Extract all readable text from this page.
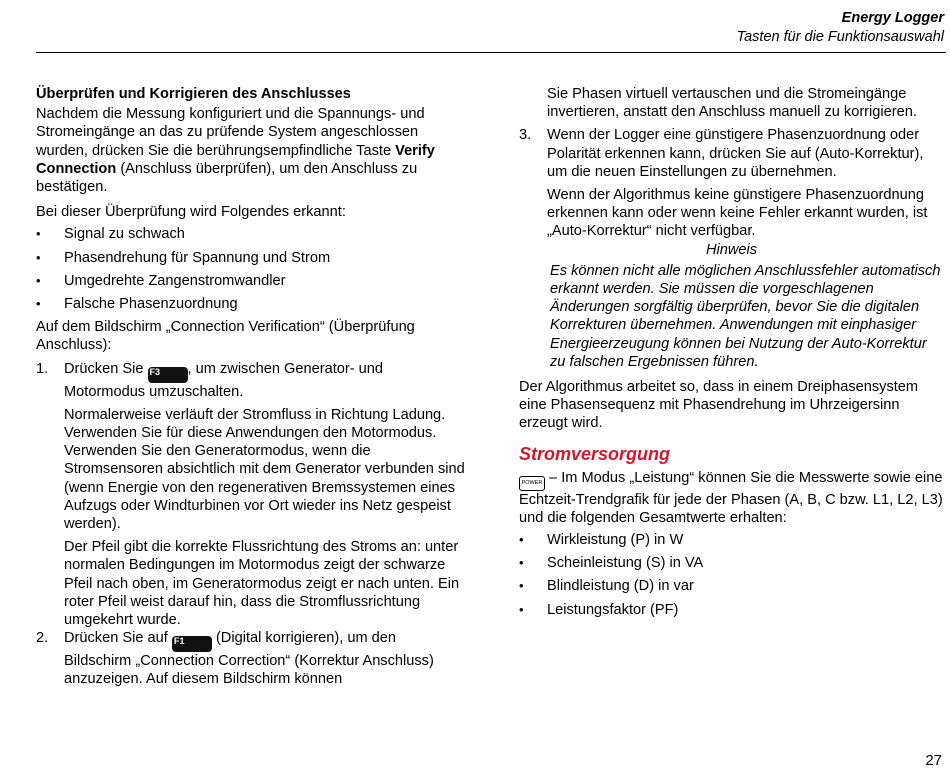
Energy Logger
Tasten für die Funktionsauswahl

Überprüfen und Korrigieren des Anschlusses

Nachdem die Messung konfiguriert und die Spannungs- und Stromeingänge an das zu prüfende System angeschlossen wurden, drücken Sie die berührungsempfindliche Taste Verify Connection (Anschluss überprüfen), um den Anschluss zu bestätigen.

Bei dieser Überprüfung wird Folgendes erkannt:

• Signal zu schwach
• Phasendrehung für Spannung und Strom
• Umgedrehte Zangenstromwandler
• Falsche Phasenzuordnung

Auf dem Bildschirm „Connection Verification“ (Überprüfung Anschluss):

1. Drücken Sie F3 , um zwischen Generator- und Motormodus umzuschalten.

Normalerweise verläuft der Stromfluss in Richtung Ladung. Verwenden Sie für diese Anwendungen den Motormodus. Verwenden Sie den Generatormodus, wenn die Stromsensoren absichtlich mit dem Generator verbunden sind (wenn Energie von den regenerativen Bremssystemen eines Aufzugs oder Windturbinen vor Ort wieder ins Netz gespeist werden).

Der Pfeil gibt die korrekte Flussrichtung des Stroms an: unter normalen Bedingungen im Motormodus zeigt der schwarze Pfeil nach oben, im Generatormodus zeigt er nach unten. Ein roter Pfeil weist darauf hin, dass die Stromflussrichtung umgekehrt wurde.

2. Drücken Sie auf F1 (Digital korrigieren), um den Bildschirm „Connection Correction“ (Korrektur Anschluss) anzuzeigen. Auf diesem Bildschirm können

Sie Phasen virtuell vertauschen und die Stromeingänge invertieren, anstatt den Anschluss manuell zu korrigieren.

3. Wenn der Logger eine günstigere Phasenzuordnung oder Polarität erkennen kann, drücken Sie auf (Auto-Korrektur), um die neuen Einstellungen zu übernehmen.

Wenn der Algorithmus keine günstigere Phasenzuordnung erkennen kann oder wenn keine Fehler erkannt wurden, ist „Auto-Korrektur“ nicht verfügbar.

Hinweis

Es können nicht alle möglichen Anschlussfehler automatisch erkannt werden. Sie müssen die vorgeschlagenen Änderungen sorgfältig überprüfen, bevor Sie die digitalen Korrekturen übernehmen. Anwendungen mit einphasiger Energieerzeugung können bei Nutzung der Auto-Korrektur zu falschen Ergebnissen führen.

Der Algorithmus arbeitet so, dass in einem Dreiphasensystem eine Phasensequenz mit Phasendrehung im Uhrzeigersinn erzeugt wird.

Stromversorgung

POWER – Im Modus „Leistung“ können Sie die Messwerte sowie eine Echtzeit-Trendgrafik für jede der Phasen (A, B, C bzw. L1, L2, L3) und die folgenden Gesamtwerte erhalten:

• Wirkleistung (P) in W
• Scheinleistung (S) in VA
• Blindleistung (D) in var
• Leistungsfaktor (PF)
27
